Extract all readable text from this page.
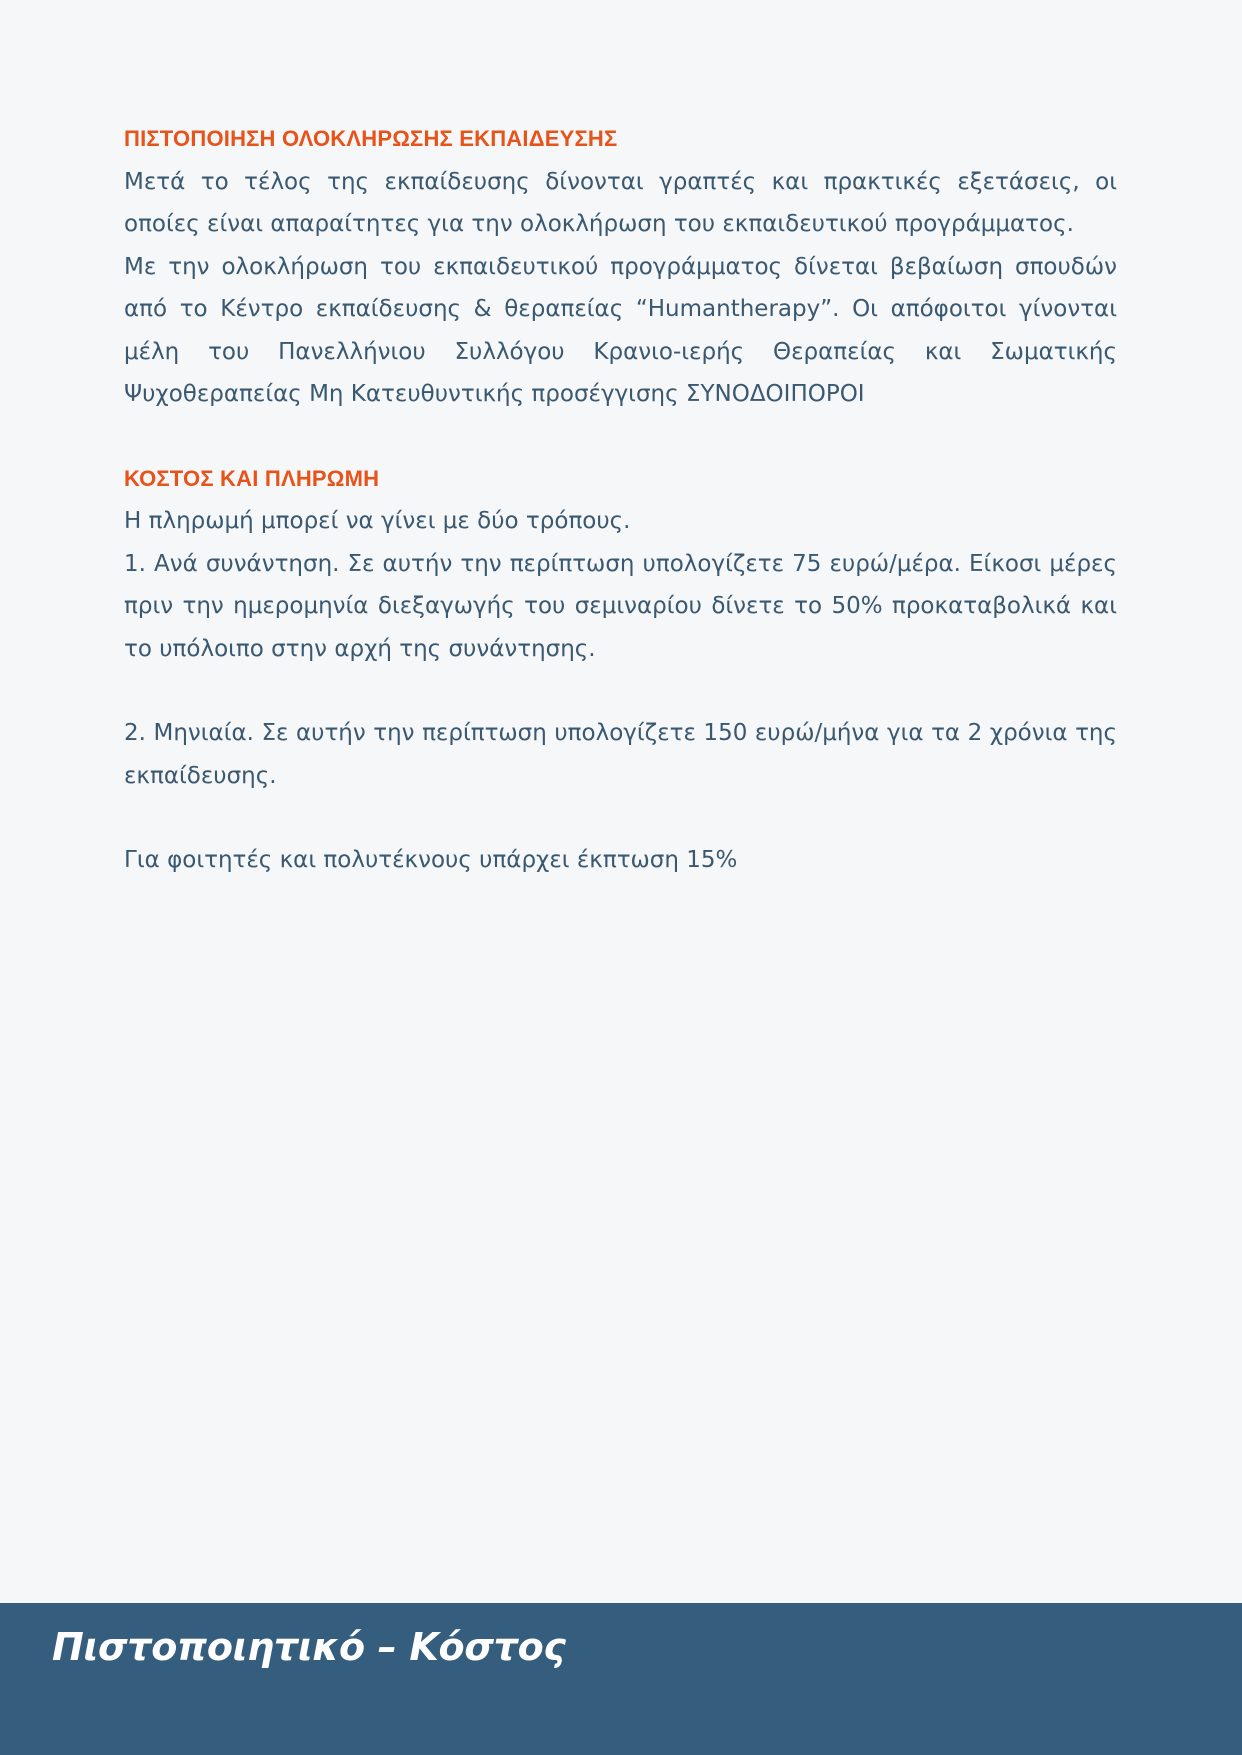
ΠΙΣΤΟΠΟΙΗΣΗ ΟΛΟΚΛΗΡΩΣΗΣ ΕΚΠΑΙΔΕΥΣΗΣ
Μετά το τέλος της εκπαίδευσης δίνονται γραπτές και πρακτικές εξετάσεις, οι οποίες είναι απαραίτητες για την ολοκλήρωση του εκπαιδευτικού προγράμματος.
Με την ολοκλήρωση του εκπαιδευτικού προγράμματος δίνεται βεβαίωση σπουδών από το Κέντρο εκπαίδευσης & θεραπείας “Humantherapy”. Οι απόφοιτοι γίνονται μέλη του Πανελλήνιου Συλλόγου Κρανιο-ιερής Θεραπείας και Σωματικής Ψυχοθεραπείας Μη Κατευθυντικής προσέγγισης ΣΥΝΟΔΟΙΠΟΡΟΙ
ΚΟΣΤΟΣ ΚΑΙ ΠΛΗΡΩΜΗ
Η πληρωμή μπορεί να γίνει με δύο τρόπους.
1. Ανά συνάντηση. Σε αυτήν την περίπτωση υπολογίζετε 75 ευρώ/μέρα. Είκοσι μέρες πριν την ημερομηνία διεξαγωγής του σεμιναρίου δίνετε το 50% προκαταβολικά και το υπόλοιπο στην αρχή της συνάντησης.
2. Μηνιαία. Σε αυτήν την περίπτωση υπολογίζετε 150 ευρώ/μήνα για τα 2 χρόνια της εκπαίδευσης.
Για φοιτητές και πολυτέκνους υπάρχει έκπτωση 15%
Πιστοποιητικό – Κόστος
